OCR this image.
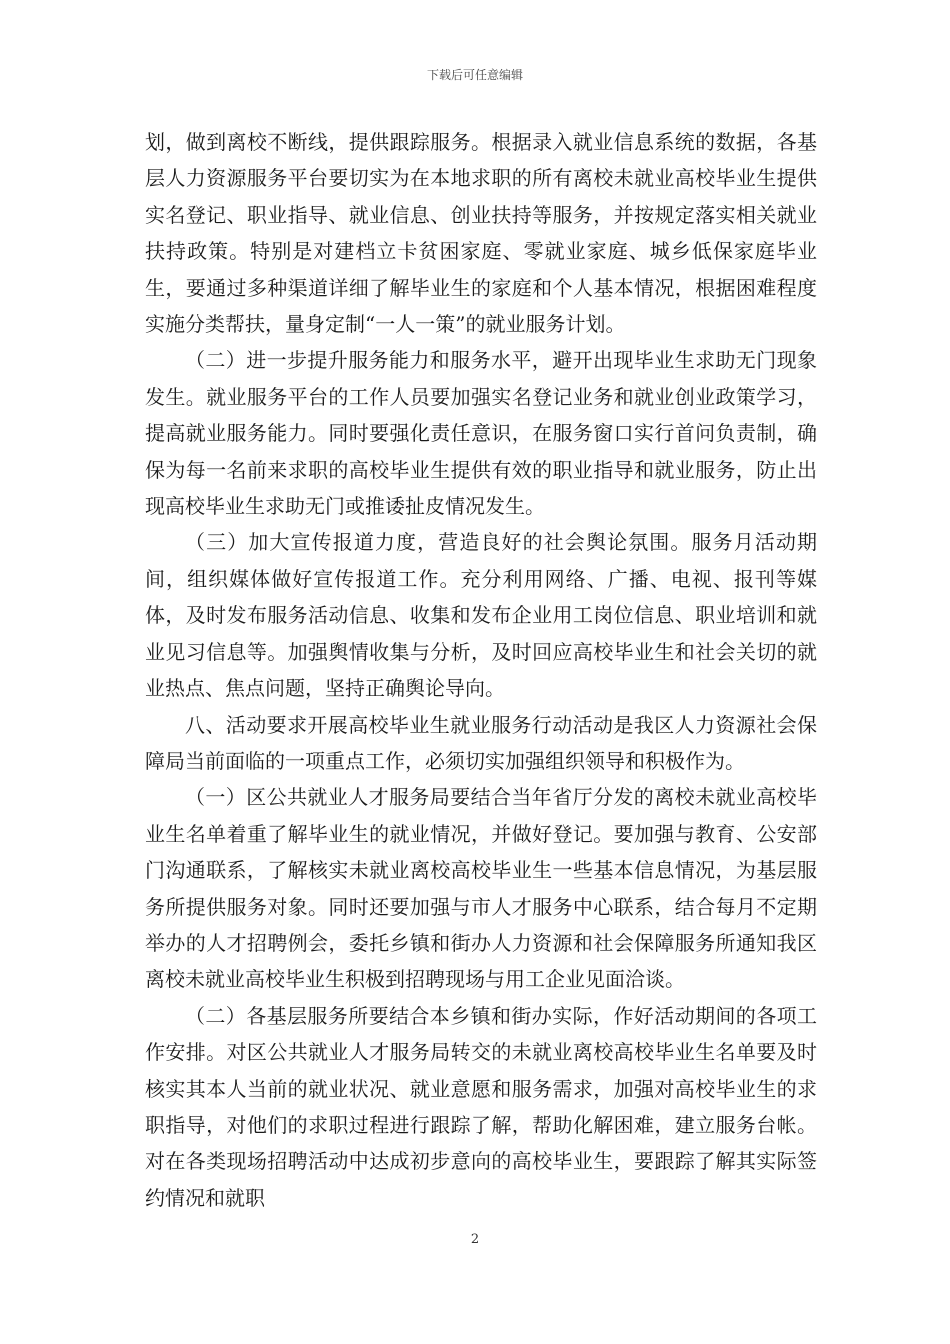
下载后可任意编辑

划，做到离校不断线，提供跟踪服务。根据录入就业信息系统的数据，各基层人力资源服务平台要切实为在本地求职的所有离校未就业高校毕业生提供实名登记、职业指导、就业信息、创业扶持等服务，并按规定落实相关就业扶持政策。特别是对建档立卡贫困家庭、零就业家庭、城乡低保家庭毕业生，要通过多种渠道详细了解毕业生的家庭和个人基本情况，根据困难程度实施分类帮扶，量身定制“一人一策”的就业服务计划。

（二）进一步提升服务能力和服务水平，避开出现毕业生求助无门现象发生。就业服务平台的工作人员要加强实名登记业务和就业创业政策学习，提高就业服务能力。同时要强化责任意识，在服务窗口实行首问负责制，确保为每一名前来求职的高校毕业生提供有效的职业指导和就业服务，防止出现高校毕业生求助无门或推诿扯皮情况发生。

（三）加大宣传报道力度，营造良好的社会舆论氛围。服务月活动期间，组织媒体做好宣传报道工作。充分利用网络、广播、电视、报刊等媒体，及时发布服务活动信息、收集和发布企业用工岗位信息、职业培训和就业见习信息等。加强舆情收集与分析，及时回应高校毕业生和社会关切的就业热点、焦点问题，坚持正确舆论导向。

八、活动要求开展高校毕业生就业服务行动活动是我区人力资源社会保障局当前面临的一项重点工作，必须切实加强组织领导和积极作为。

（一）区公共就业人才服务局要结合当年省厅分发的离校未就业高校毕业生名单着重了解毕业生的就业情况，并做好登记。要加强与教育、公安部门沟通联系，了解核实未就业离校高校毕业生一些基本信息情况，为基层服务所提供服务对象。同时还要加强与市人才服务中心联系，结合每月不定期举办的人才招聘例会，委托乡镇和街办人力资源和社会保障服务所通知我区离校未就业高校毕业生积极到招聘现场与用工企业见面洽谈。

（二）各基层服务所要结合本乡镇和街办实际，作好活动期间的各项工作安排。对区公共就业人才服务局转交的未就业离校高校毕业生名单要及时核实其本人当前的就业状况、就业意愿和服务需求，加强对高校毕业生的求职指导，对他们的求职过程进行跟踪了解，帮助化解困难，建立服务台帐。对在各类现场招聘活动中达成初步意向的高校毕业生，要跟踪了解其实际签约情况和就职

2
